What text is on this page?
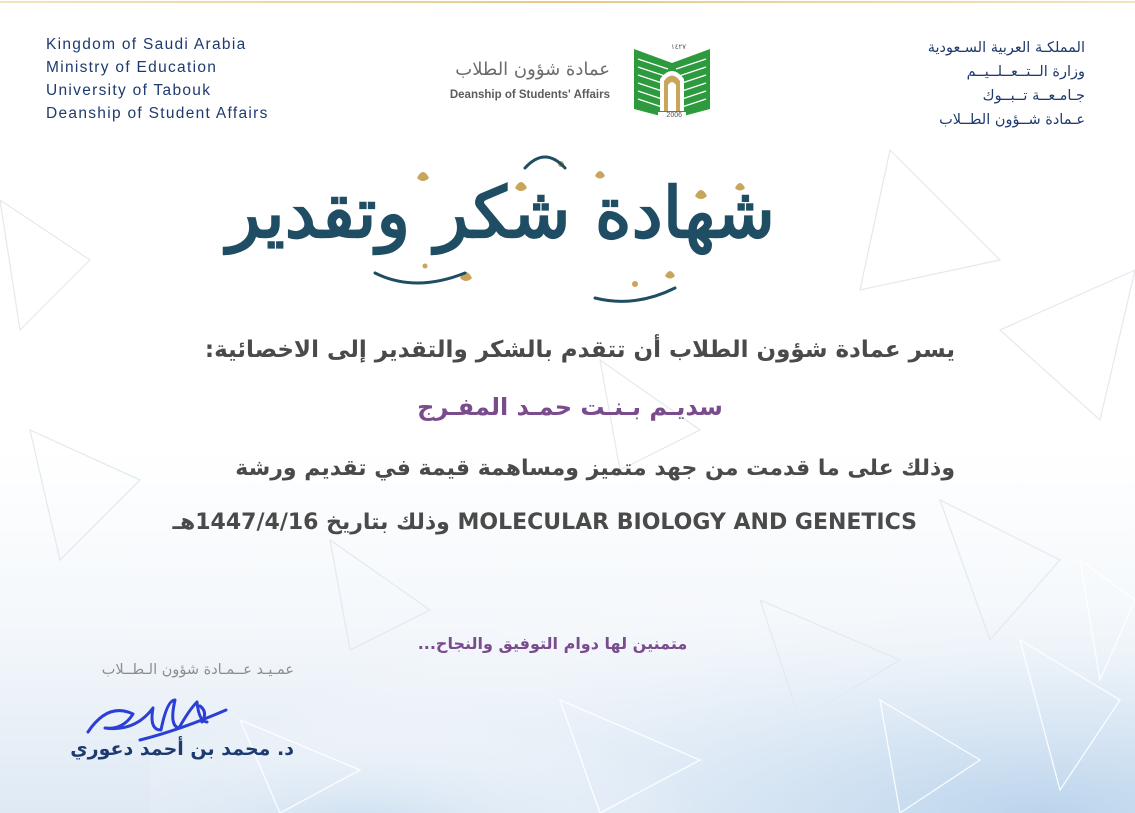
Kingdom of Saudi Arabia
Ministry of Education
University of Tabouk
Deanship of Student Affairs
المملكـة العربية السـعودية
وزارة الــتــعــلــيــم
جـامـعــة تــبــوك
عـمادة شــؤون الطــلاب
عمادة شؤون الطلاب
Deanship of Students' Affairs
١٤٢٧
2006
شهادة شكر وتقدير
يسر عمادة شؤون الطلاب أن تتقدم بالشكر والتقدير إلى الاخصائية:
سديـم بـنـت حمـد المفـرج
وذلك على ما قدمت من جهد متميز ومساهمة قيمة في تقديم ورشة
MOLECULAR BIOLOGY AND GENETICS وذلك بتاريخ 1447/4/16هـ
متمنين لها دوام التوفيق والنجاح...
عمـيـد عــمـادة شؤون الـطــلاب
د. محمد بن أحمد دعوري
